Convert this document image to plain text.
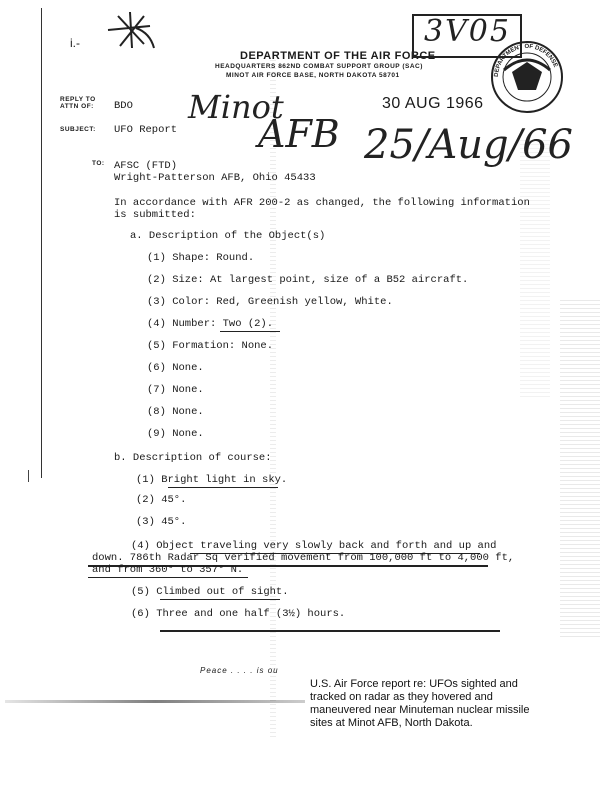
i.-
DEPARTMENT OF THE AIR FORCE
HEADQUARTERS 862ND COMBAT SUPPORT GROUP (SAC)
MINOT AIR FORCE BASE, NORTH DAKOTA 58701
3V05
DEPARTMENT OF DEFENSE
REPLY TO
ATTN OF: BDO Minot	30 AUG 1966
SUBJECT: UFO Report AFB 25/Aug/66
TO: AFSC (FTD)
Wright-Patterson AFB, Ohio 45433
In accordance with AFR 200-2 as changed, the following information
is submitted:
a. Description of the Object(s)
(1) Shape: Round.
(2) Size: At largest point, size of a B52 aircraft.
(3) Color: Red, Greenish yellow, White.
(4) Number: Two (2).
(5) Formation: None.
(6) None.
(7) None.
(8) None.
(9) None.
b. Description of course:
(1) Bright light in sky.
(2) 45°.
(3) 45°.
(4) Object traveling very slowly back and forth and up and
down. 786th Radar Sq verified movement from 100,000 ft to 4,000 ft,
and from 360° to 357° N.
(5) Climbed out of sight.
(6) Three and one half (3½) hours.
Peace . . . . is ou
U.S. Air Force report re: UFOs sighted and tracked on radar as they hovered and maneuvered near Minuteman nuclear missile sites at Minot AFB, North Dakota.
